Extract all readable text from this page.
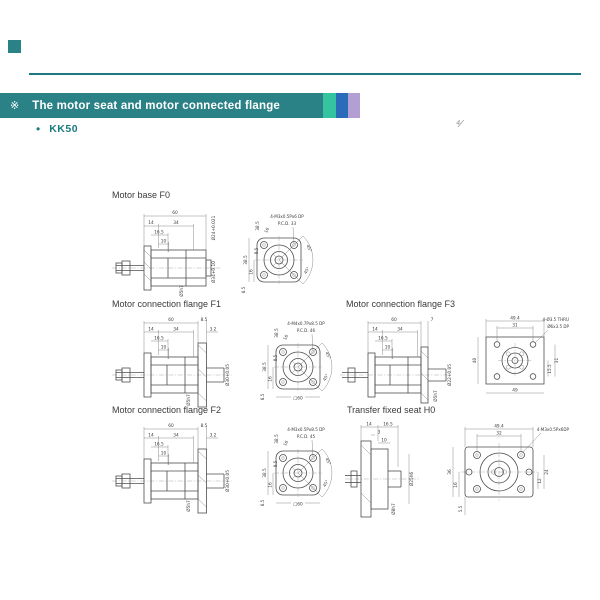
※ The motor seat and motor connected flange
• KK50	⁴⁄
Motor base F0
60
14	34
16.5
10
Ø24+0.021
Ø34+0.10
Ø5h7
4-M3x0.5Px6 DP
P.C.D. 33
45°
45°
38.5
16
0.5
6.5
38.5 16
Motor connection flange F1
60	8.5
14	34	3.2
16.5
10
Ø30+0.05
Ø5h7
4-M4x0.7Px8.5 DP
P.C.D. 46
45°
45°
38.5
16
0.5
6.5
38.5 16
□60
Motor connection flange F3
60	7
14	34
16.5
10
Ø22+0.05
Ø5h7
49.4
31
40
49
31
15.5
4-Ø3.5 THRU
Ø6x3.5 DP
Motor connection flange F2
60	8.5
14	34	3.2
16.5
10
Ø30+0.05
Ø5h7
4-M3x0.5Px8.5 DP
P.C.D. 45
45°
45°
38.5
16
0.5
6.5
38.5 16
□60
Transfer fixed seat H0
14	16.5
3
10
Ø25h6
Ø8h7
49.4
32
4-M3x0.5Px6DP
36
16
5.5
24
12
